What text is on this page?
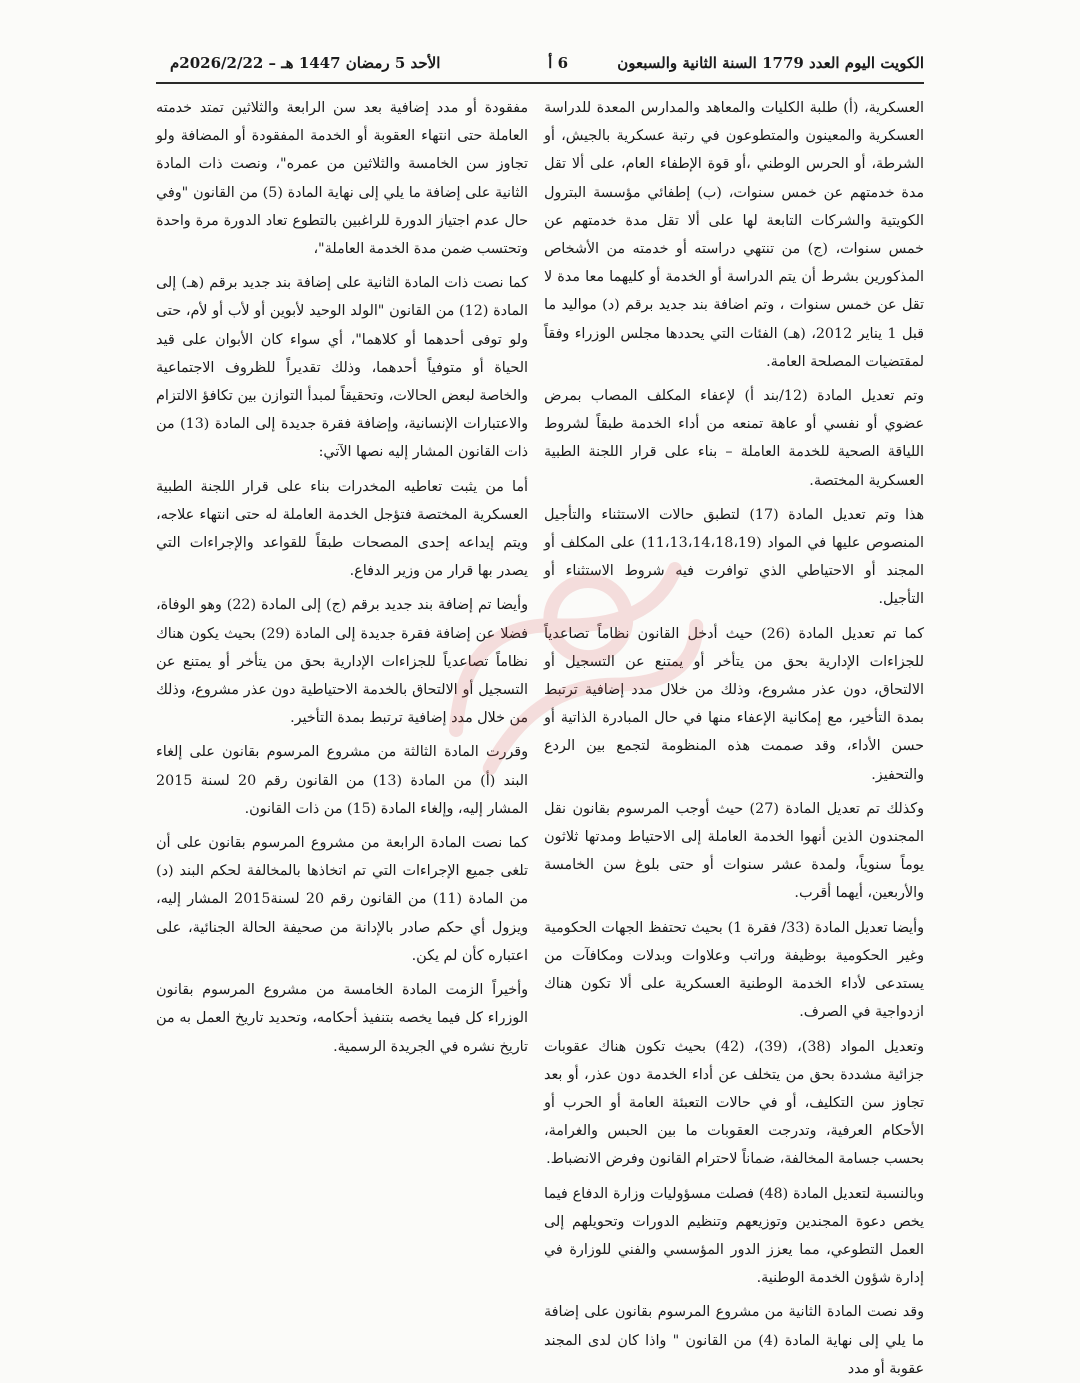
الكويت اليوم العدد 1779 السنة الثانية والسبعون
6 أ
الأحد 5 رمضان 1447 هـ – 2026/2/22م

العسكرية، (أ) طلبة الكليات والمعاهد والمدارس المعدة للدراسة العسكرية والمعينون والمتطوعون في رتبة عسكرية بالجيش، أو الشرطة، أو الحرس الوطني ،أو قوة الإطفاء العام، على ألا تقل مدة خدمتهم عن خمس سنوات، (ب) إطفائي مؤسسة البترول الكويتية والشركات التابعة لها على ألا تقل مدة خدمتهم عن خمس سنوات، (ج) من تنتهي دراسته أو خدمته من الأشخاص المذكورين بشرط أن يتم الدراسة أو الخدمة أو كليهما معا مدة لا تقل عن خمس سنوات ، وتم اضافة بند جديد برقم (د) مواليد ما قبل 1 يناير 2012، (هـ) الفئات التي يحددها مجلس الوزراء وفقاً لمقتضيات المصلحة العامة.

وتم تعديل المادة (12/بند أ) لإعفاء المكلف المصاب بمرض عضوي أو نفسي أو عاهة تمنعه من أداء الخدمة طبقاً لشروط اللياقة الصحية للخدمة العاملة – بناء على قرار اللجنة الطبية العسكرية المختصة.

هذا وتم تعديل المادة (17) لتطبق حالات الاستثناء والتأجيل المنصوص عليها في المواد (11،13،14،18،19) على المكلف أو المجند أو الاحتياطي الذي توافرت فيه شروط الاستثناء أو التأجيل.

كما تم تعديل المادة (26) حيث أدخل القانون نظاماً تصاعدياً للجزاءات الإدارية بحق من يتأخر أو يمتنع عن التسجيل أو الالتحاق، دون عذر مشروع، وذلك من خلال مدد إضافية ترتبط بمدة التأخير، مع إمكانية الإعفاء منها في حال المبادرة الذاتية أو حسن الأداء، وقد صممت هذه المنظومة لتجمع بين الردع والتحفيز.

وكذلك تم تعديل المادة (27) حيث أوجب المرسوم بقانون نقل المجندون الذين أنهوا الخدمة العاملة إلى الاحتياط ومدتها ثلاثون يوماً سنوياً، ولمدة عشر سنوات أو حتى بلوغ سن الخامسة والأربعين، أيهما أقرب.

وأيضا تعديل المادة (33/ فقرة 1) بحيث تحتفظ الجهات الحكومية وغير الحكومية بوظيفة وراتب وعلاوات وبدلات ومكافآت من يستدعى لأداء الخدمة الوطنية العسكرية على ألا تكون هناك ازدواجية في الصرف.

وتعديل المواد (38)، (39)، (42) بحيث تكون هناك عقوبات جزائية مشددة بحق من يتخلف عن أداء الخدمة دون عذر، أو بعد تجاوز سن التكليف، أو في حالات التعبئة العامة أو الحرب أو الأحكام العرفية، وتدرجت العقوبات ما بين الحبس والغرامة، بحسب جسامة المخالفة، ضماناً لاحترام القانون وفرض الانضباط.

وبالنسبة لتعديل المادة (48) فصلت مسؤوليات وزارة الدفاع فيما يخص دعوة المجندين وتوزيعهم وتنظيم الدورات وتحويلهم إلى العمل التطوعي، مما يعزز الدور المؤسسي والفني للوزارة في إدارة شؤون الخدمة الوطنية.

وقد نصت المادة الثانية من مشروع المرسوم بقانون على إضافة ما يلي إلى نهاية المادة (4) من القانون " واذا كان لدى المجند عقوبة أو مدد

مفقودة أو مدد إضافية بعد سن الرابعة والثلاثين تمتد خدمته العاملة حتى انتهاء العقوبة أو الخدمة المفقودة أو المضافة ولو تجاوز سن الخامسة والثلاثين من عمره"، ونصت ذات المادة الثانية على إضافة ما يلي إلى نهاية المادة (5) من القانون "وفي حال عدم اجتياز الدورة للراغبين بالتطوع تعاد الدورة مرة واحدة وتحتسب ضمن مدة الخدمة العاملة"،

كما نصت ذات المادة الثانية على إضافة بند جديد برقم (هـ) إلى المادة (12) من القانون "الولد الوحيد لأبوين أو لأب أو لأم، حتى ولو توفى أحدهما أو كلاهما"، أي سواء كان الأبوان على قيد الحياة أو متوفياً أحدهما، وذلك تقديراً للظروف الاجتماعية والخاصة لبعض الحالات، وتحقيقاً لمبدأ التوازن بين تكافؤ الالتزام والاعتبارات الإنسانية، وإضافة فقرة جديدة إلى المادة (13) من ذات القانون المشار إليه نصها الآتي:

أما من يثبت تعاطيه المخدرات بناء على قرار اللجنة الطبية العسكرية المختصة فتؤجل الخدمة العاملة له حتى انتهاء علاجه، ويتم إيداعه إحدى المصحات طبقاً للقواعد والإجراءات التي يصدر بها قرار من وزير الدفاع.

وأيضا تم إضافة بند جديد برقم (ج) إلى المادة (22) وهو الوفاة، فضلا عن إضافة فقرة جديدة إلى المادة (29) بحيث يكون هناك نظاماً تصاعدياً للجزاءات الإدارية بحق من يتأخر أو يمتنع عن التسجيل أو الالتحاق بالخدمة الاحتياطية دون عذر مشروع، وذلك من خلال مدد إضافية ترتبط بمدة التأخير.

وقررت المادة الثالثة من مشروع المرسوم بقانون على إلغاء البند (أ) من المادة (13) من القانون رقم 20 لسنة 2015 المشار إليه، وإلغاء المادة (15) من ذات القانون.

كما نصت المادة الرابعة من مشروع المرسوم بقانون على أن تلغى جميع الإجراءات التي تم اتخاذها بالمخالفة لحكم البند (د) من المادة (11) من القانون رقم 20 لسنة2015 المشار إليه، ويزول أي حكم صادر بالإدانة من صحيفة الحالة الجنائية، على اعتباره كأن لم يكن.

وأخيراً الزمت المادة الخامسة من مشروع المرسوم بقانون الوزراء كل فيما يخصه بتنفيذ أحكامه، وتحديد تاريخ العمل به من تاريخ نشره في الجريدة الرسمية.
